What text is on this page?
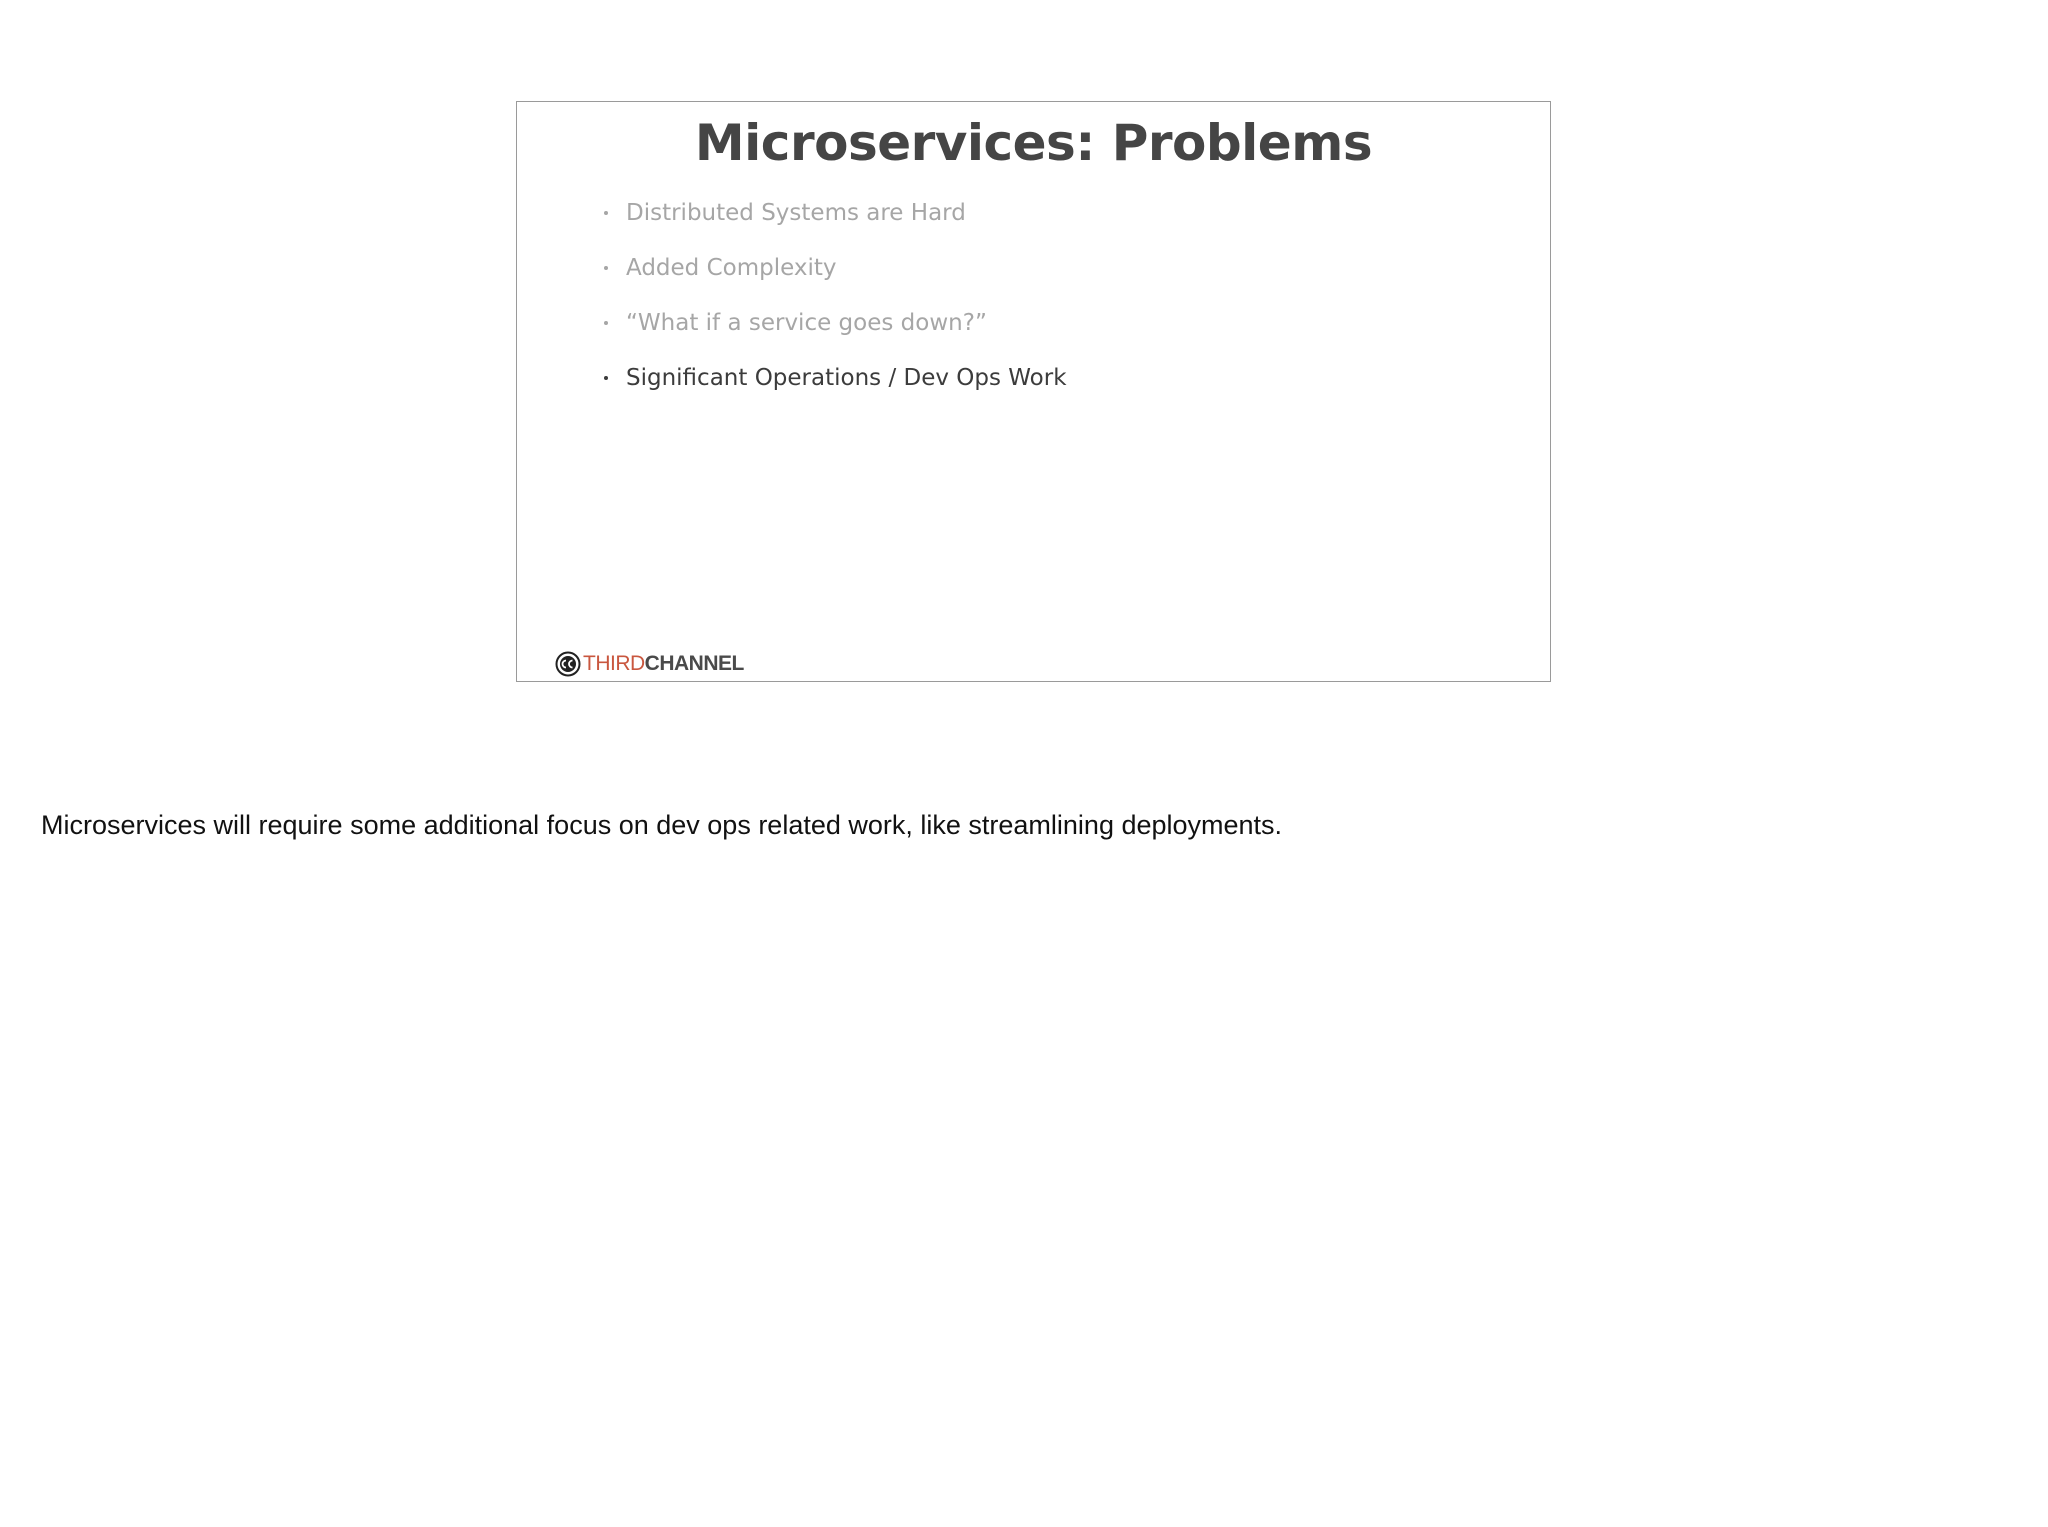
Microservices: Problems
Distributed Systems are Hard
Added Complexity
“What if a service goes down?”
Significant Operations / Dev Ops Work
THIRDCHANNEL

Microservices will require some additional focus on dev ops related work, like streamlining deployments.
